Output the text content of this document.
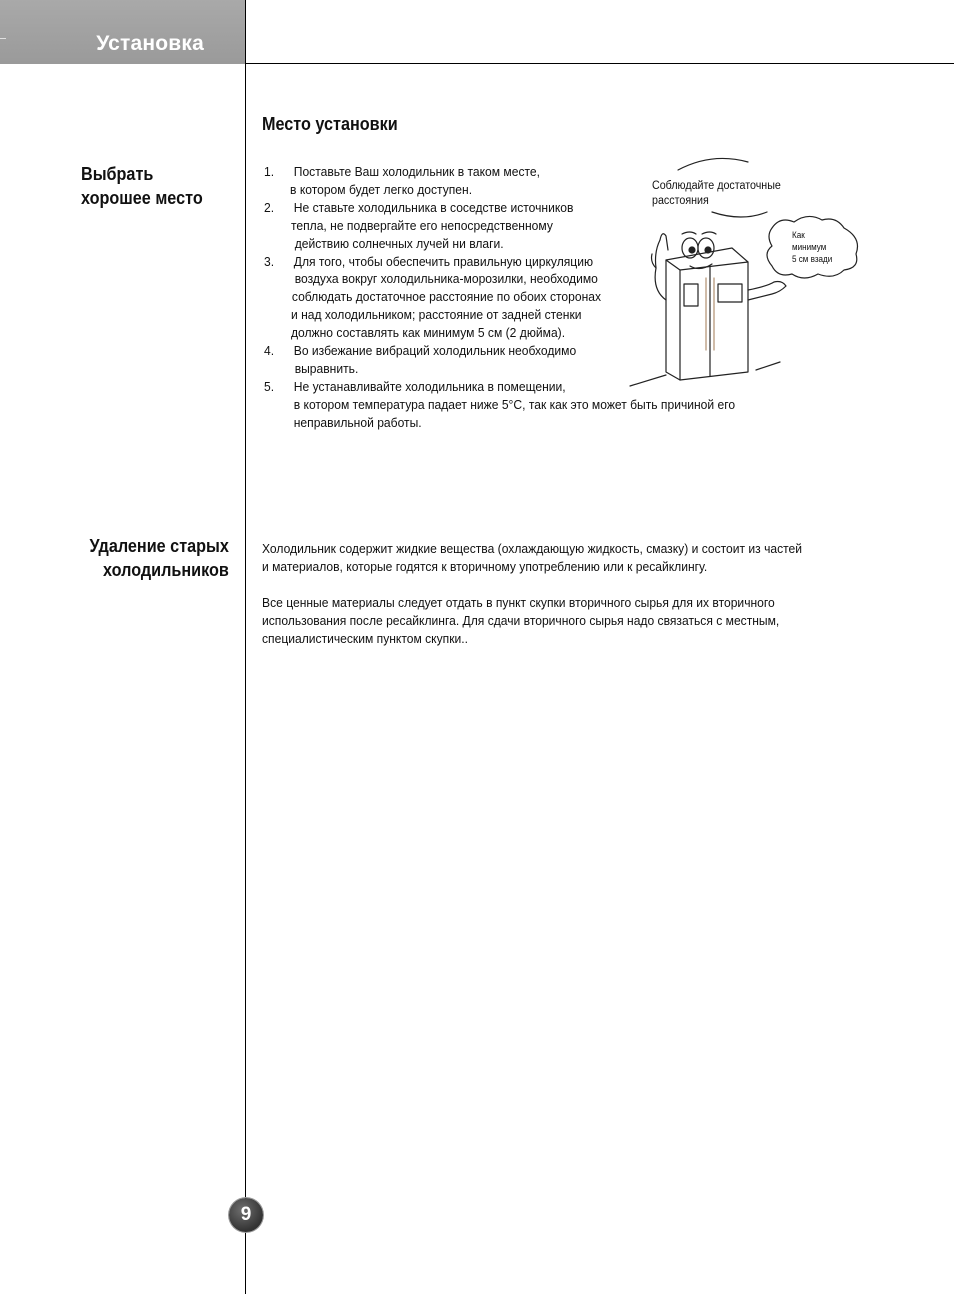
Установка
Выбрать
хорошее место
Удаление старых
холодильников
Место установки
1. Поставьте Ваш холодильник в таком месте,
в котором будет легко доступен.
2. Не ставьте холодильника в соседстве источников
тепла, не подвергайте его непосредственному
действию солнечных лучей ни влаги.
3. Для того, чтобы обеспечить правильную циркуляцию
воздуха вокруг холодильника-морозилки, необходимо
соблюдать достаточное расстояние по обоих сторонах
и над холодильником; расстояние от задней стенки
должно составлять как минимум 5 см (2 дюйма).
4. Во избежание вибраций холодильник необходимо
выравнить.
5. Не устанавливайте холодильника в помещении,
в котором температура падает ниже 5°C, так как это может быть причиной его
неправильной работы.
Соблюдайте достаточные
расстояния
Как
минимум
5 см взади
Холодильник содержит жидкие вещества (охлаждающую жидкость, смазку) и состоит из частей
и материалов, которые годятся к вторичному употреблению или к ресайклингу.
Все ценные материалы следует отдать в пункт скупки вторичного сырья для их вторичного
использования после ресайклинга. Для сдачи вторичного сырья надо связаться с местным,
специалистическим пунктом скупки..
9
